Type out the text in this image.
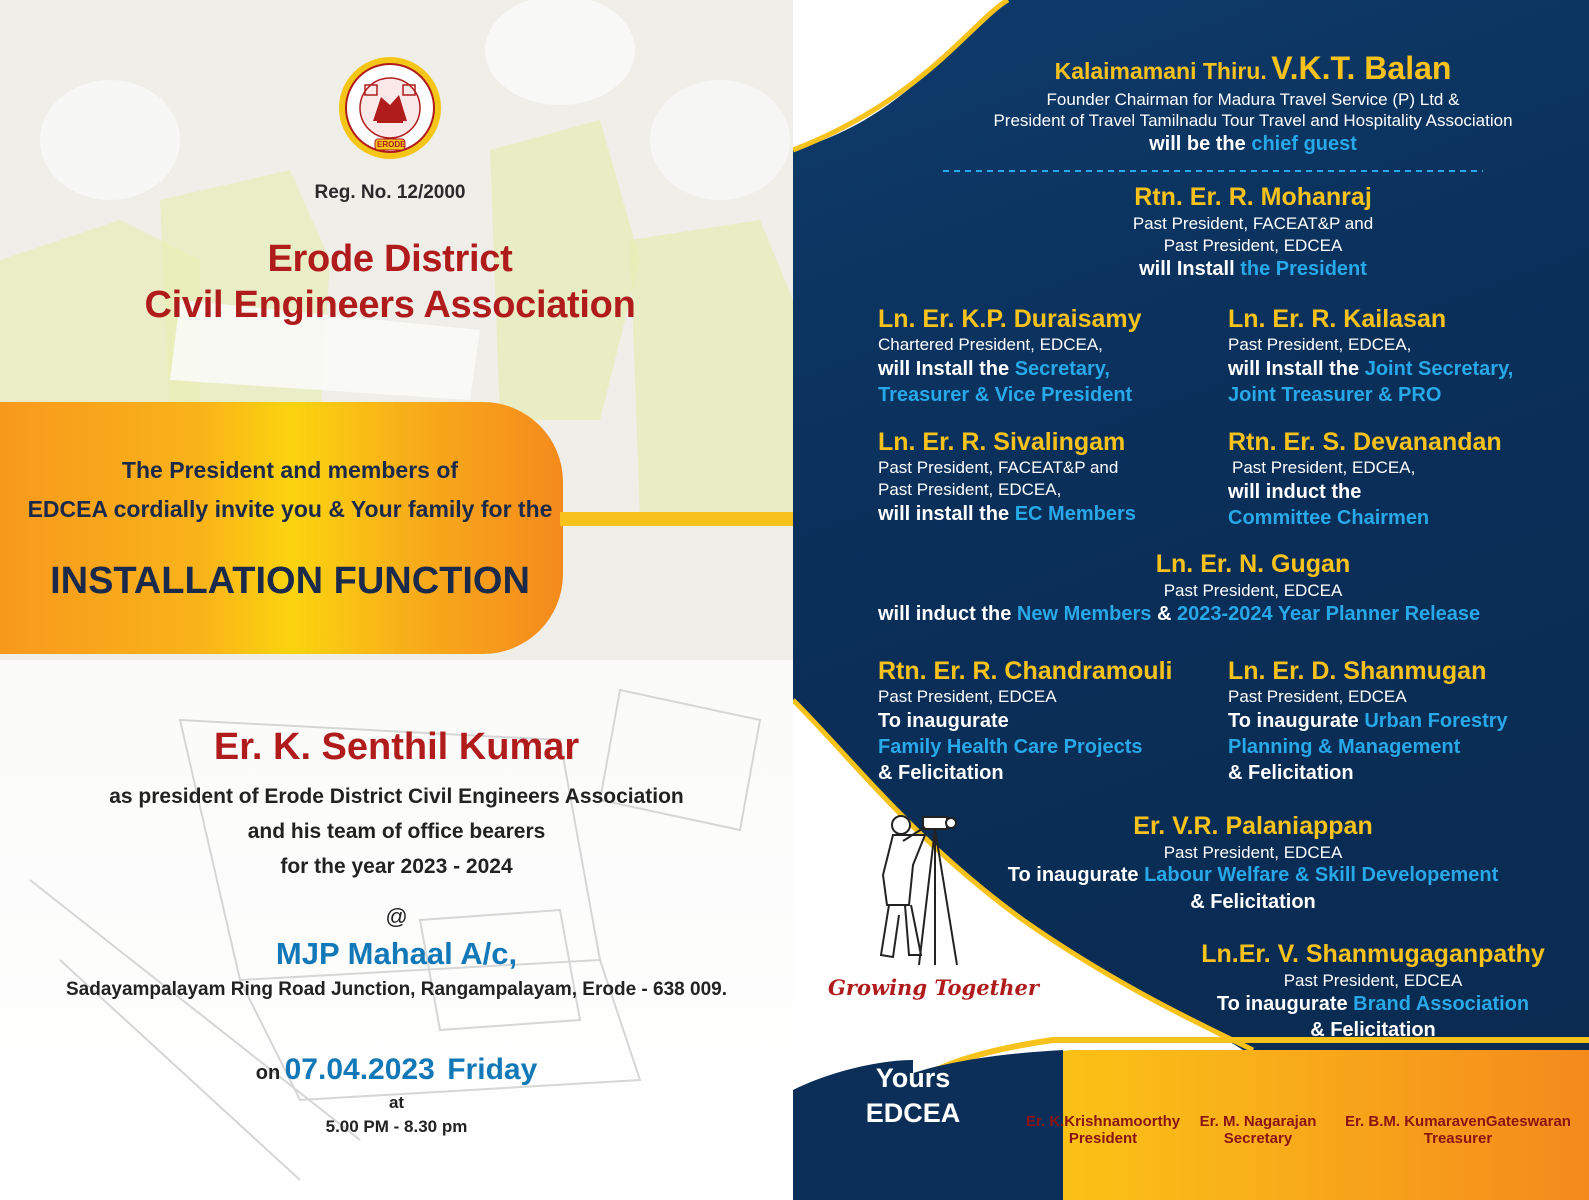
ERODE
Reg. No. 12/2000
Erode District
Civil Engineers Association
The President and members of
EDCEA cordially invite you & Your family for the
INSTALLATION FUNCTION
Er. K. Senthil Kumar
as president of Erode District Civil Engineers Association
and his team of office bearers
for the year 2023 - 2024
@
MJP Mahaal A/c,
Sadayampalayam Ring Road Junction, Rangampalayam, Erode - 638 009.
on 07.04.2023 Friday
at
5.00 PM - 8.30 pm
Kalaimamani Thiru. V.K.T. Balan
Founder Chairman for Madura Travel Service (P) Ltd &
President of Travel Tamilnadu Tour Travel and Hospitality Association
will be the chief guest
Rtn. Er. R. Mohanraj
Past President, FACEAT&P and
Past President, EDCEA
will Install the President
Ln. Er. K.P. Duraisamy
Chartered President, EDCEA,
will Install the Secretary,
Treasurer & Vice President
Ln. Er. R. Kailasan
Past President, EDCEA,
will Install the Joint Secretary,
Joint Treasurer & PRO
Ln. Er. R. Sivalingam
Past President, FACEAT&P and
Past President, EDCEA,
will install the EC Members
Rtn. Er. S. Devanandan
Past President, EDCEA,
will induct the
Committee Chairmen
Ln. Er. N. Gugan
Past President, EDCEA
will induct the New Members & 2023-2024 Year Planner Release
Rtn. Er. R. Chandramouli
Past President, EDCEA
To inaugurate
Family Health Care Projects
& Felicitation
Ln. Er. D. Shanmugan
Past President, EDCEA
To inaugurate Urban Forestry
Planning & Management
& Felicitation
Er. V.R. Palaniappan
Past President, EDCEA
To inaugurate Labour Welfare & Skill Developement
& Felicitation
Ln.Er. V. Shanmugaganpathy
Past President, EDCEA
To inaugurate Brand Association
& Felicitation
Growing Together
Yours
EDCEA	Er. K.Krishnamoorthy
President
Er. M. Nagarajan
Secretary
Er. B.M. KumaravenGateswaran
Treasurer
